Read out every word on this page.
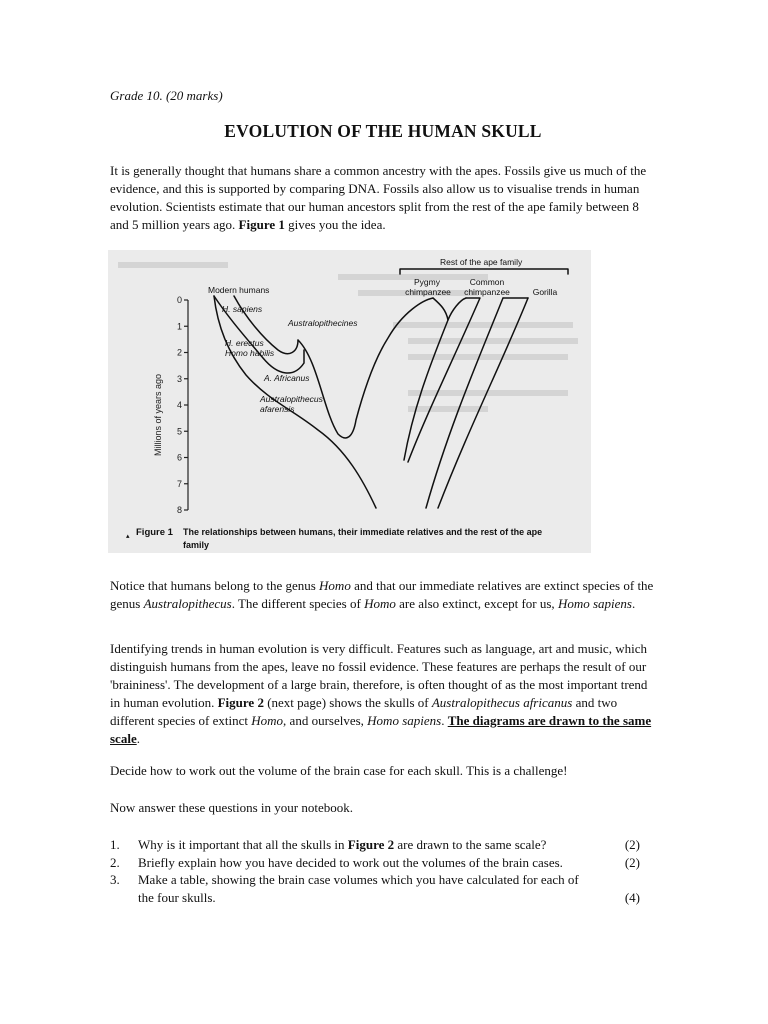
Grade 10. (20 marks)
EVOLUTION OF THE HUMAN SKULL

It is generally thought that humans share a common ancestry with the apes. Fossils give us much of the evidence, and this is supported by comparing DNA. Fossils also allow us to visualise trends in human evolution. Scientists estimate that our human ancestors split from the rest of the ape family between 8 and 5 million years ago. Figure 1 gives you the idea.

0
1
2
3
4
5
6
7
8
Millions of years ago
Rest of the ape family
Modern humans
H. sapiens
Australopithecines
H. erectus
Homo habilis
A. Africanus
Australopithecus
afarensis
Pygmy
chimpanzee
Common
chimpanzee	Gorilla
▴ Figure 1 The relationships between humans, their immediate relatives and the rest of the ape
family

Notice that humans belong to the genus Homo and that our immediate relatives are extinct species of the genus Australopithecus. The different species of Homo are also extinct, except for us, Homo sapiens.

Identifying trends in human evolution is very difficult. Features such as language, art and music, which distinguish humans from the apes, leave no fossil evidence. These features are perhaps the result of our 'braininess'. The development of a large brain, therefore, is often thought of as the most important trend in human evolution. Figure 2 (next page) shows the skulls of Australopithecus africanus and two different species of extinct Homo, and ourselves, Homo sapiens. The diagrams are drawn to the same scale.

Decide how to work out the volume of the brain case for each skull. This is a challenge!

Now answer these questions in your notebook.

1. Why is it important that all the skulls in Figure 2 are drawn to the same scale?	(2)
2. Briefly explain how you have decided to work out the volumes of the brain cases.	(2)
3. Make a table, showing the brain case volumes which you have calculated for each of the four skulls.	(4)
